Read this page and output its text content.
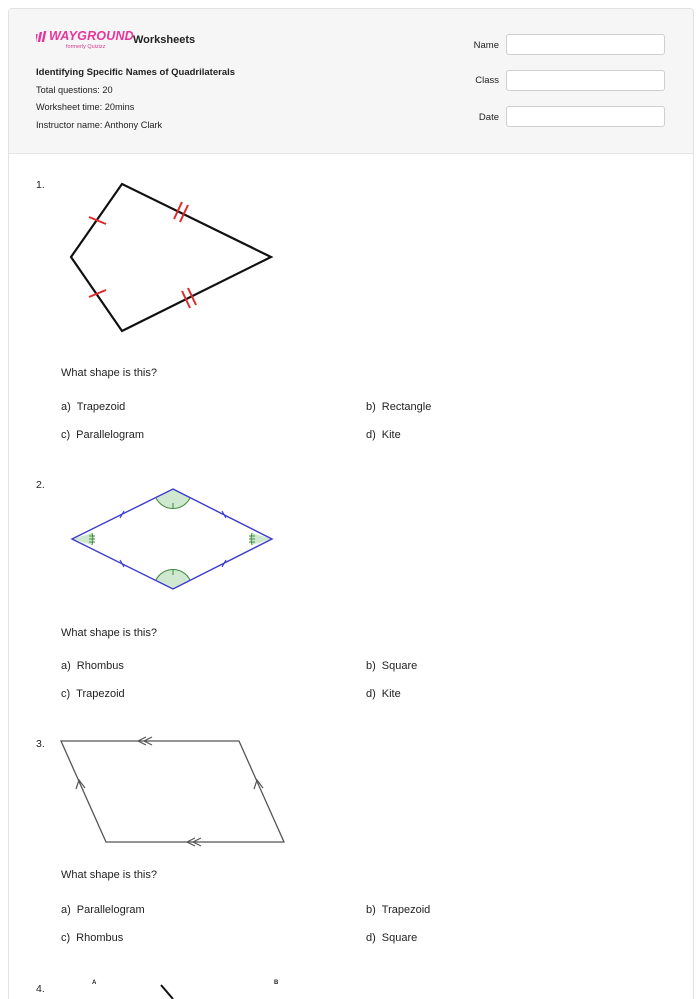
WAYGROUND
formerly Quizizz
Worksheets
Identifying Specific Names of Quadrilaterals
Total questions: 20
Worksheet time: 20mins
Instructor name: Anthony Clark
Name
Class
Date
1.
What shape is this?
a) Trapezoid	b) Rectangle
c) Parallelogram	d) Kite
2.
What shape is this?
a) Rhombus	b) Square
c) Trapezoid	d) Kite
3.
What shape is this?
a) Parallelogram	b) Trapezoid
c) Rhombus	d) Square
4.	A	B
